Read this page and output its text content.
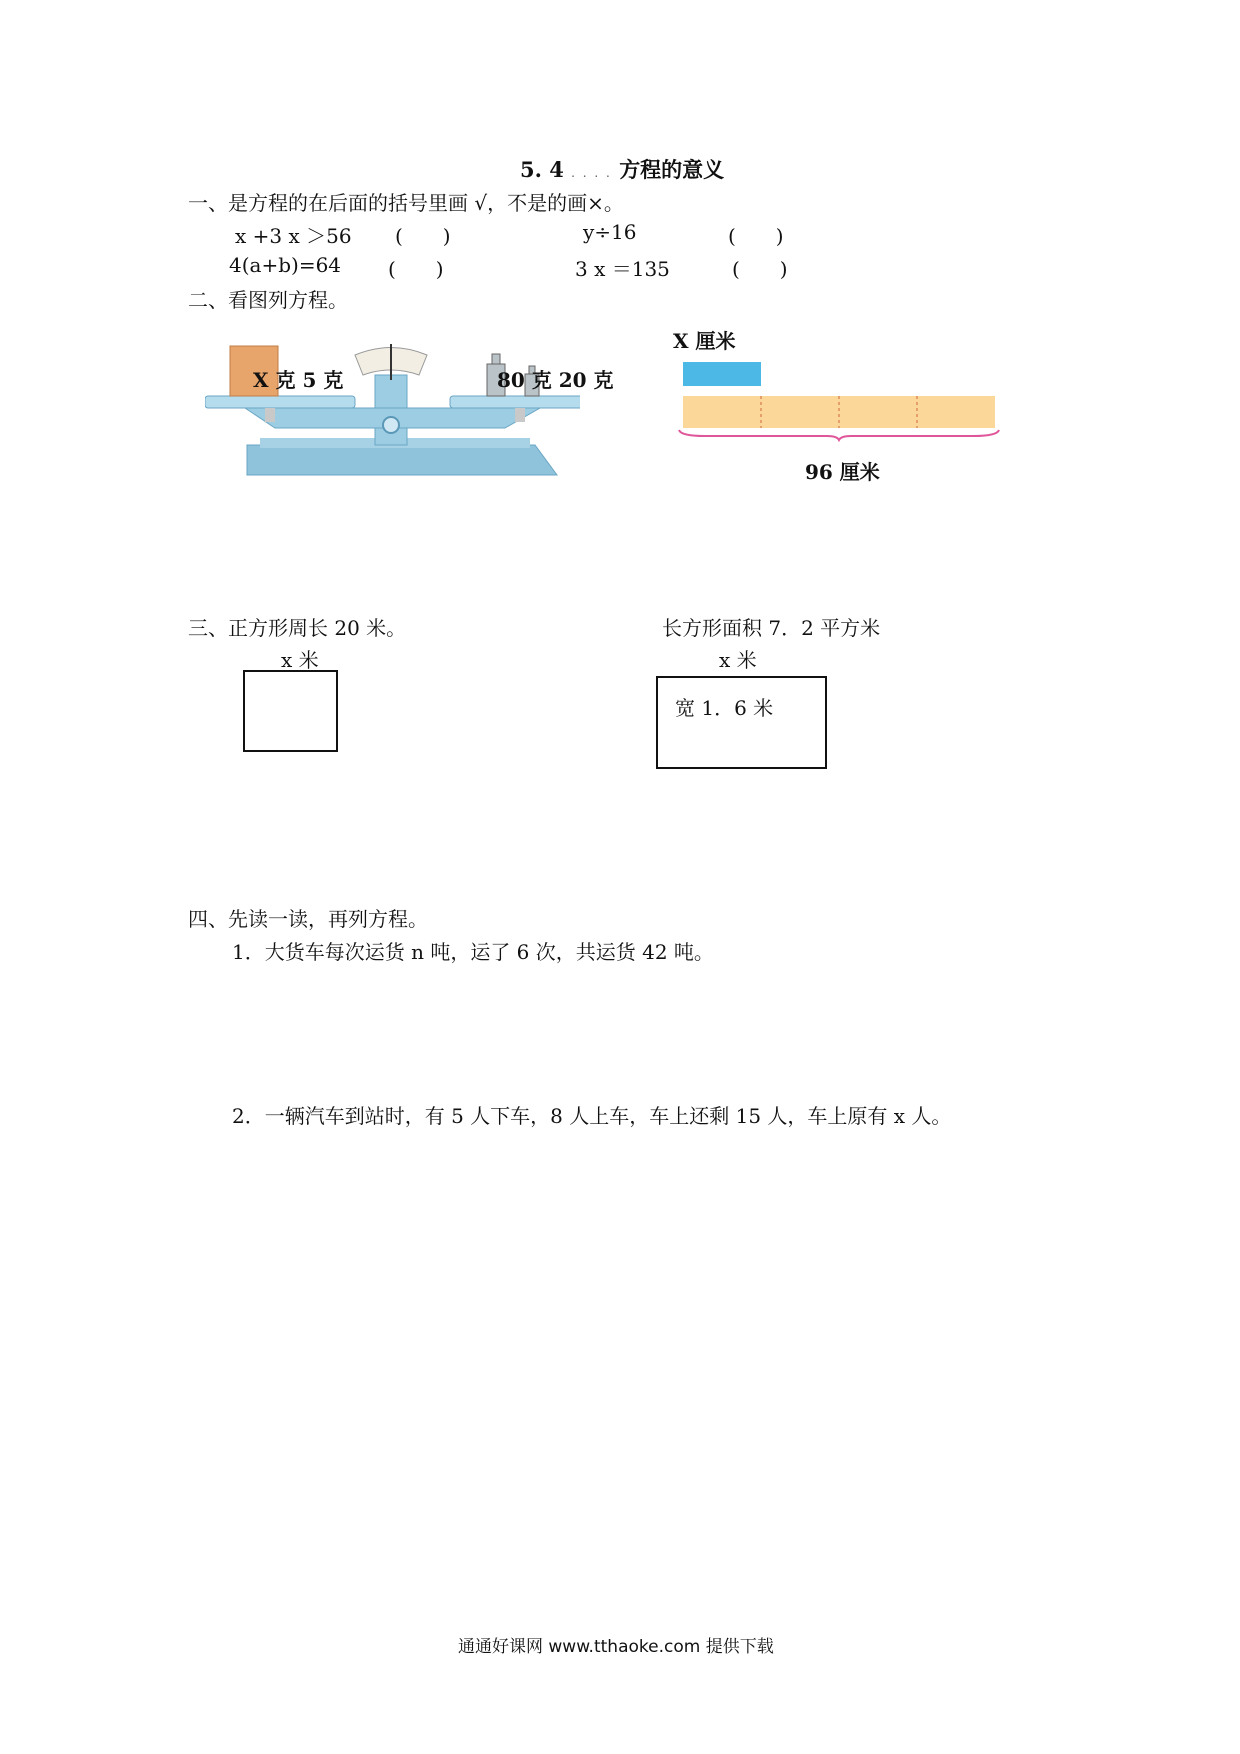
5. 4 . . . . 方程的意义
一、是方程的在后面的括号里画 √，不是的画×。
x +3 x ＞56 (　　)	y÷16	(　　)
4(a+b)=64 (　　)	3 x ＝135	(　　)
二、看图列方程。
X 克 5 克	80 克 20 克
X 厘米
96 厘米
三、正方形周长 20 米。
x 米
长方形面积 7．2 平方米
x 米
宽 1．6 米
四、先读一读，再列方程。
1．大货车每次运货 n 吨，运了 6 次，共运货 42 吨。
2．一辆汽车到站时，有 5 人下车，8 人上车，车上还剩 15 人，车上原有 x 人。
通通好课网 www.tthaoke.com 提供下载
